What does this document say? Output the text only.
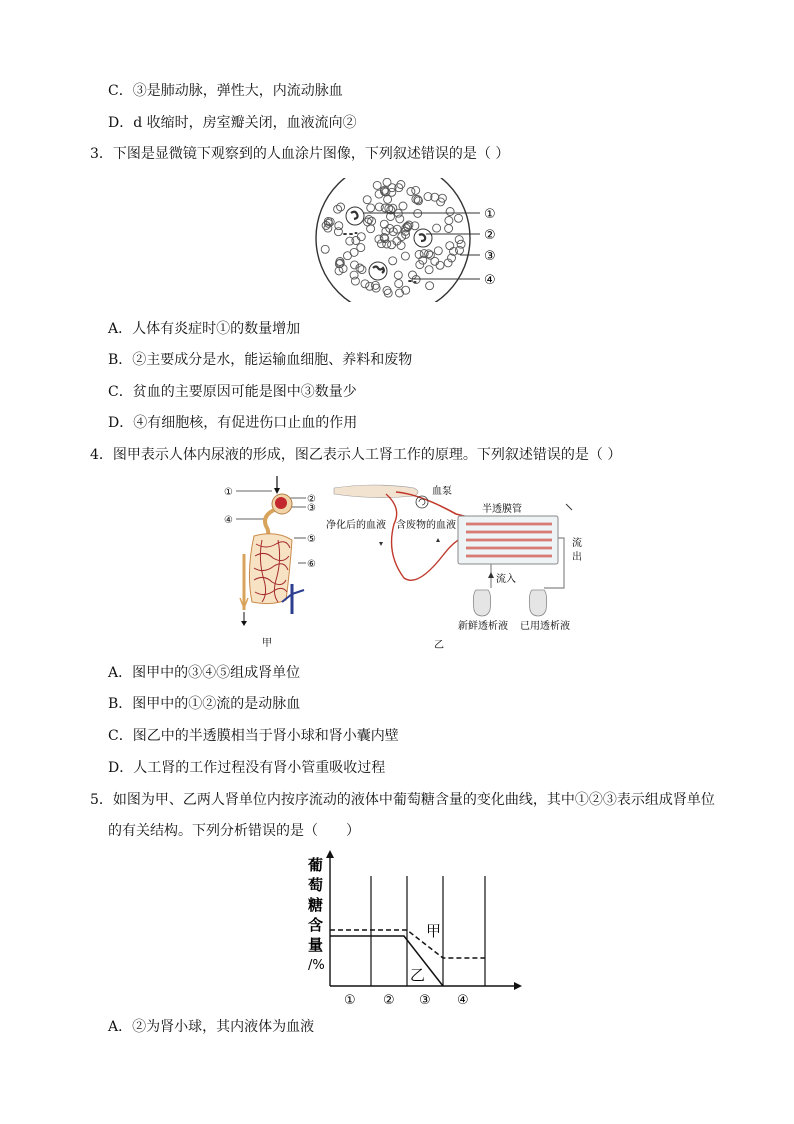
C．③是肺动脉，弹性大，内流动脉血
D．d 收缩时，房室瓣关闭，血液流向②
3．下图是显微镜下观察到的人血涂片图像，下列叙述错误的是（ ）
①
②
③
④
A．人体有炎症时①的数量增加
B．②主要成分是水，能运输血细胞、养料和废物
C．贫血的主要原因可能是图中③数量少
D．④有细胞核，有促进伤口止血的作用
4．图甲表示人体内尿液的形成，图乙表示人工肾工作的原理。下列叙述错误的是（ ）
①
②
③
④
⑤
⑥
甲
血泵
半透膜管
净化后的血液 含废物的血液
流
出
流入
新鲜透析液 已用透析液
乙
A．图甲中的③④⑤组成肾单位
B．图甲中的①②流的是动脉血
C．图乙中的半透膜相当于肾小球和肾小囊内壁
D．人工肾的工作过程没有肾小管重吸收过程
5．如图为甲、乙两人肾单位内按序流动的液体中葡萄糖含量的变化曲线，其中①②③表示组成肾单位
的有关结构。下列分析错误的是（　　）
葡
萄
糖
含
量
/%
甲
乙
① ② ③ ④
A．②为肾小球，其内液体为血液
